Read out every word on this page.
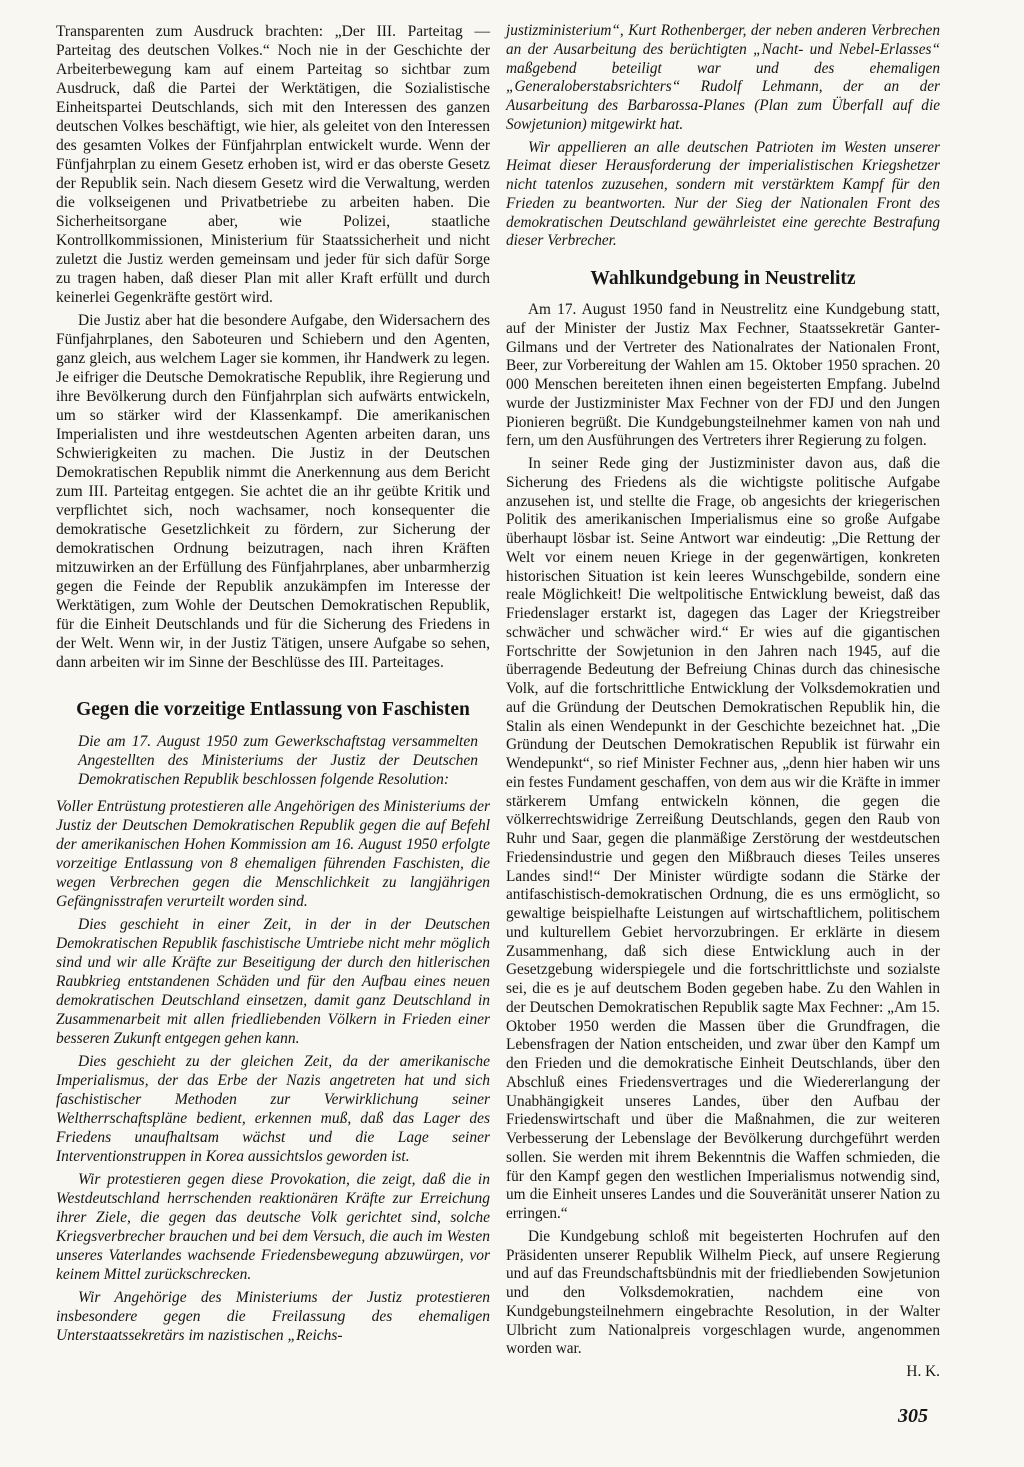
Transparenten zum Ausdruck brachten: „Der III. Parteitag — Parteitag des deutschen Volkes.“ Noch nie in der Geschichte der Arbeiterbewegung kam auf einem Parteitag so sichtbar zum Ausdruck, daß die Partei der Werktätigen, die Sozialistische Einheitspartei Deutschlands, sich mit den Interessen des ganzen deutschen Volkes beschäftigt, wie hier, als geleitet von den Interessen des gesamten Volkes der Fünfjahrplan entwickelt wurde. Wenn der Fünfjahrplan zu einem Gesetz erhoben ist, wird er das oberste Gesetz der Republik sein. Nach diesem Gesetz wird die Verwaltung, werden die volkseigenen und Privatbetriebe zu arbeiten haben. Die Sicherheitsorgane aber, wie Polizei, staatliche Kontrollkommissionen, Ministerium für Staatssicherheit und nicht zuletzt die Justiz werden gemeinsam und jeder für sich dafür Sorge zu tragen haben, daß dieser Plan mit aller Kraft erfüllt und durch keinerlei Gegenkräfte gestört wird.

Die Justiz aber hat die besondere Aufgabe, den Widersachern des Fünfjahrplanes, den Saboteuren und Schiebern und den Agenten, ganz gleich, aus welchem Lager sie kommen, ihr Handwerk zu legen. Je eifriger die Deutsche Demokratische Republik, ihre Regierung und ihre Bevölkerung durch den Fünfjahrplan sich aufwärts entwickeln, um so stärker wird der Klassenkampf. Die amerikanischen Imperialisten und ihre westdeutschen Agenten arbeiten daran, uns Schwierigkeiten zu machen. Die Justiz in der Deutschen Demokratischen Republik nimmt die Anerkennung aus dem Bericht zum III. Parteitag entgegen. Sie achtet die an ihr geübte Kritik und verpflichtet sich, noch wachsamer, noch konsequenter die demokratische Gesetzlichkeit zu fördern, zur Sicherung der demokratischen Ordnung beizutragen, nach ihren Kräften mitzuwirken an der Erfüllung des Fünfjahrplanes, aber unbarmherzig gegen die Feinde der Republik anzukämpfen im Interesse der Werktätigen, zum Wohle der Deutschen Demokratischen Republik, für die Einheit Deutschlands und für die Sicherung des Friedens in der Welt. Wenn wir, in der Justiz Tätigen, unsere Aufgabe so sehen, dann arbeiten wir im Sinne der Beschlüsse des III. Parteitages.

Gegen die vorzeitige Entlassung von Faschisten

Die am 17. August 1950 zum Gewerkschaftstag versammelten Angestellten des Ministeriums der Justiz der Deutschen Demokratischen Republik beschlossen folgende Resolution:

Voller Entrüstung protestieren alle Angehörigen des Ministeriums der Justiz der Deutschen Demokratischen Republik gegen die auf Befehl der amerikanischen Hohen Kommission am 16. August 1950 erfolgte vorzeitige Entlassung von 8 ehemaligen führenden Faschisten, die wegen Verbrechen gegen die Menschlichkeit zu langjährigen Gefängnisstrafen verurteilt worden sind.

Dies geschieht in einer Zeit, in der in der Deutschen Demokratischen Republik faschistische Umtriebe nicht mehr möglich sind und wir alle Kräfte zur Beseitigung der durch den hitlerischen Raubkrieg entstandenen Schäden und für den Aufbau eines neuen demokratischen Deutschland einsetzen, damit ganz Deutschland in Zusammenarbeit mit allen friedliebenden Völkern in Frieden einer besseren Zukunft entgegen gehen kann.

Dies geschieht zu der gleichen Zeit, da der amerikanische Imperialismus, der das Erbe der Nazis angetreten hat und sich faschistischer Methoden zur Verwirklichung seiner Weltherrschaftspläne bedient, erkennen muß, daß das Lager des Friedens unaufhaltsam wächst und die Lage seiner Interventionstruppen in Korea aussichtslos geworden ist.

Wir protestieren gegen diese Provokation, die zeigt, daß die in Westdeutschland herrschenden reaktionären Kräfte zur Erreichung ihrer Ziele, die gegen das deutsche Volk gerichtet sind, solche Kriegsverbrecher brauchen und bei dem Versuch, die auch im Westen unseres Vaterlandes wachsende Friedensbewegung abzuwürgen, vor keinem Mittel zurückschrecken.

Wir Angehörige des Ministeriums der Justiz protestieren insbesondere gegen die Freilassung des ehemaligen Unterstaatssekretärs im nazistischen „Reichs-

justizministerium“, Kurt Rothenberger, der neben anderen Verbrechen an der Ausarbeitung des berüchtigten „Nacht- und Nebel-Erlasses“ maßgebend beteiligt war und des ehemaligen „Generaloberstabsrichters“ Rudolf Lehmann, der an der Ausarbeitung des Barbarossa-Planes (Plan zum Überfall auf die Sowjetunion) mitgewirkt hat.

Wir appellieren an alle deutschen Patrioten im Westen unserer Heimat dieser Herausforderung der imperialistischen Kriegshetzer nicht tatenlos zuzusehen, sondern mit verstärktem Kampf für den Frieden zu beantworten. Nur der Sieg der Nationalen Front des demokratischen Deutschland gewährleistet eine gerechte Bestrafung dieser Verbrecher.

Wahlkundgebung in Neustrelitz

Am 17. August 1950 fand in Neustrelitz eine Kundgebung statt, auf der Minister der Justiz Max Fechner, Staatssekretär Ganter-Gilmans und der Vertreter des Nationalrates der Nationalen Front, Beer, zur Vorbereitung der Wahlen am 15. Oktober 1950 sprachen. 20 000 Menschen bereiteten ihnen einen begeisterten Empfang. Jubelnd wurde der Justizminister Max Fechner von der FDJ und den Jungen Pionieren begrüßt. Die Kundgebungsteilnehmer kamen von nah und fern, um den Ausführungen des Vertreters ihrer Regierung zu folgen.

In seiner Rede ging der Justizminister davon aus, daß die Sicherung des Friedens als die wichtigste politische Aufgabe anzusehen ist, und stellte die Frage, ob angesichts der kriegerischen Politik des amerikanischen Imperialismus eine so große Aufgabe überhaupt lösbar ist. Seine Antwort war eindeutig: „Die Rettung der Welt vor einem neuen Kriege in der gegenwärtigen, konkreten historischen Situation ist kein leeres Wunschgebilde, sondern eine reale Möglichkeit! Die weltpolitische Entwicklung beweist, daß das Friedenslager erstarkt ist, dagegen das Lager der Kriegstreiber schwächer und schwächer wird.“ Er wies auf die gigantischen Fortschritte der Sowjetunion in den Jahren nach 1945, auf die überragende Bedeutung der Befreiung Chinas durch das chinesische Volk, auf die fortschrittliche Entwicklung der Volksdemokratien und auf die Gründung der Deutschen Demokratischen Republik hin, die Stalin als einen Wendepunkt in der Geschichte bezeichnet hat. „Die Gründung der Deutschen Demokratischen Republik ist fürwahr ein Wendepunkt“, so rief Minister Fechner aus, „denn hier haben wir uns ein festes Fundament geschaffen, von dem aus wir die Kräfte in immer stärkerem Umfang entwickeln können, die gegen die völkerrechtswidrige Zerreißung Deutschlands, gegen den Raub von Ruhr und Saar, gegen die planmäßige Zerstörung der westdeutschen Friedensindustrie und gegen den Mißbrauch dieses Teiles unseres Landes sind!“ Der Minister würdigte sodann die Stärke der antifaschistisch-demokratischen Ordnung, die es uns ermöglicht, so gewaltige beispielhafte Leistungen auf wirtschaftlichem, politischem und kulturellem Gebiet hervorzubringen. Er erklärte in diesem Zusammenhang, daß sich diese Entwicklung auch in der Gesetzgebung widerspiegele und die fortschrittlichste und sozialste sei, die es je auf deutschem Boden gegeben habe. Zu den Wahlen in der Deutschen Demokratischen Republik sagte Max Fechner: „Am 15. Oktober 1950 werden die Massen über die Grundfragen, die Lebensfragen der Nation entscheiden, und zwar über den Kampf um den Frieden und die demokratische Einheit Deutschlands, über den Abschluß eines Friedensvertrages und die Wiedererlangung der Unabhängigkeit unseres Landes, über den Aufbau der Friedenswirtschaft und über die Maßnahmen, die zur weiteren Verbesserung der Lebenslage der Bevölkerung durchgeführt werden sollen. Sie werden mit ihrem Bekenntnis die Waffen schmieden, die für den Kampf gegen den westlichen Imperialismus notwendig sind, um die Einheit unseres Landes und die Souveränität unserer Nation zu erringen.“

Die Kundgebung schloß mit begeisterten Hochrufen auf den Präsidenten unserer Republik Wilhelm Pieck, auf unsere Regierung und auf das Freundschaftsbündnis mit der friedliebenden Sowjetunion und den Volksdemokratien, nachdem eine von Kundgebungsteilnehmern eingebrachte Resolution, in der Walter Ulbricht zum Nationalpreis vorgeschlagen wurde, angenommen worden war.

H. K.

305
